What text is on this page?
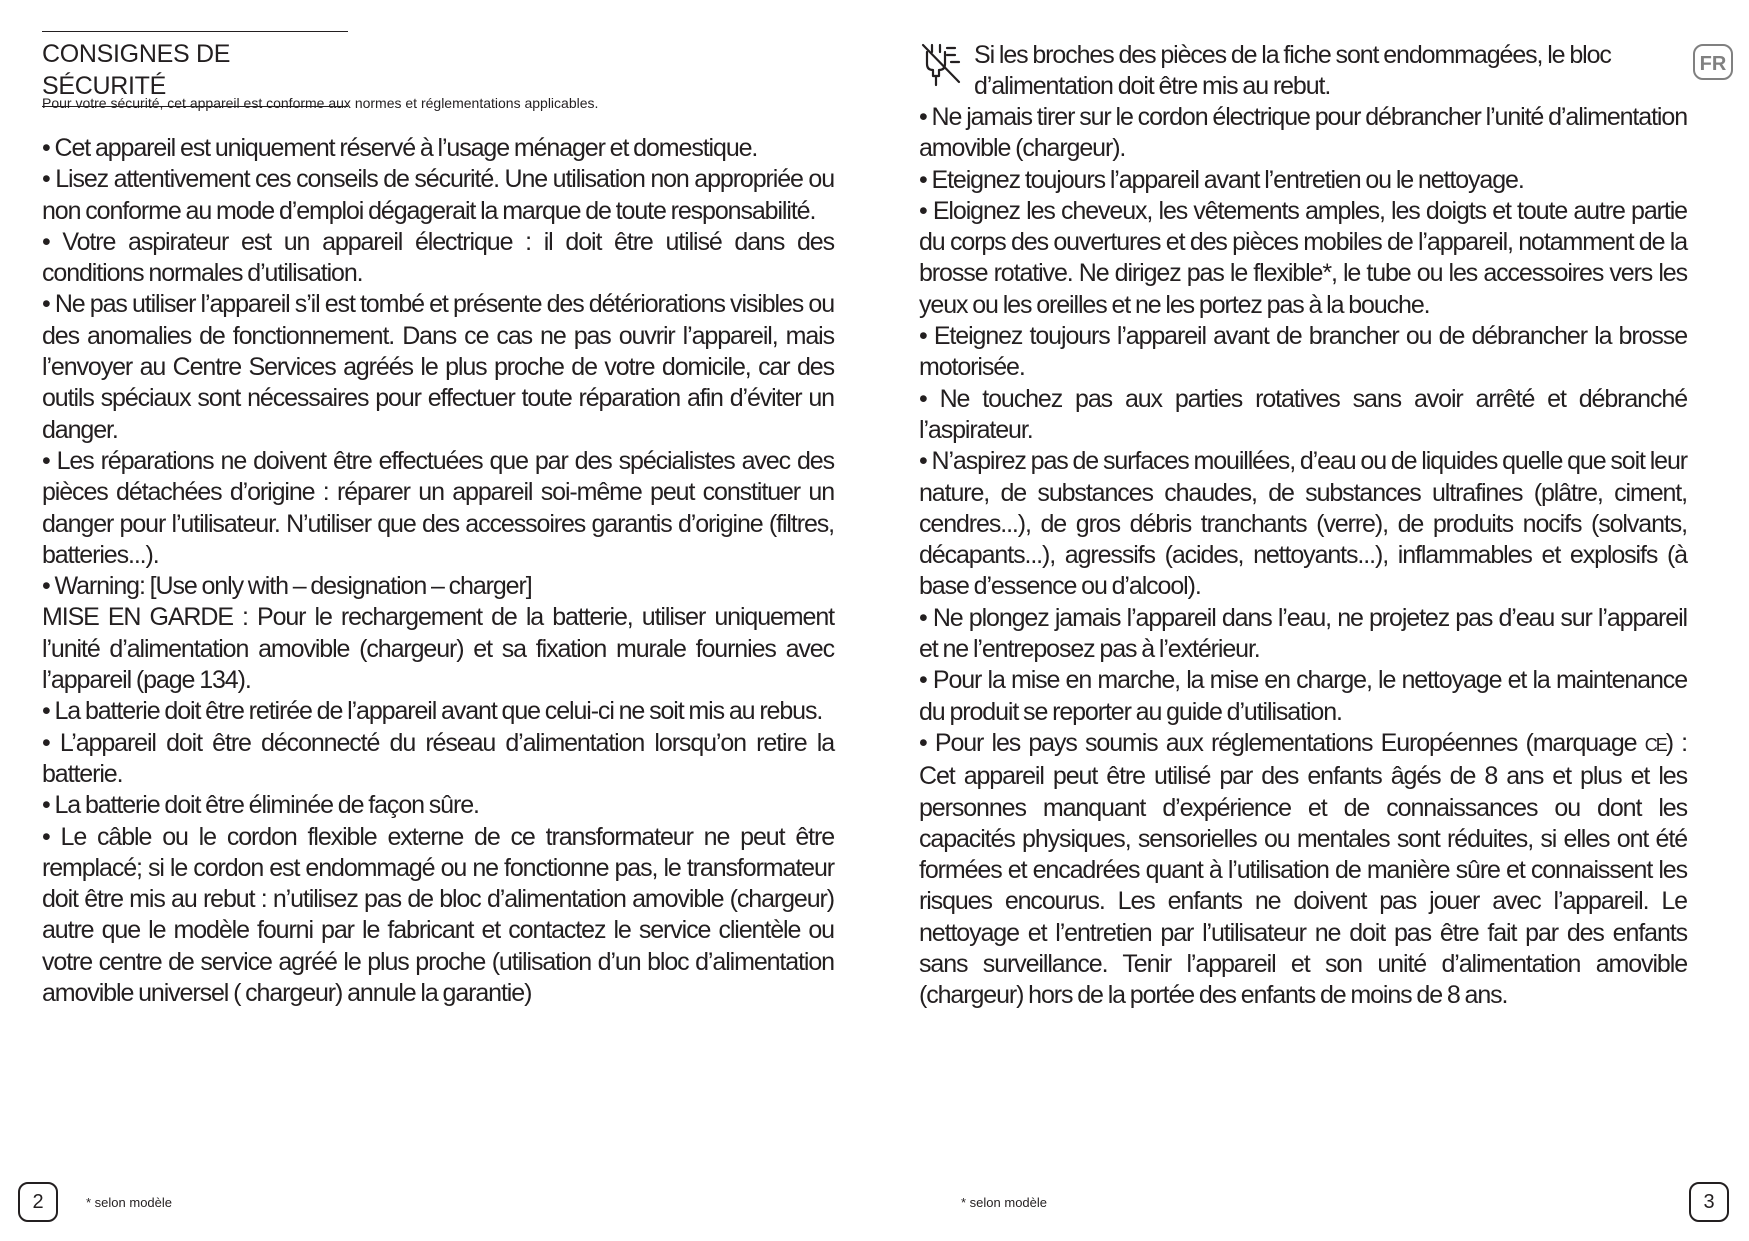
CONSIGNES DE SÉCURITÉ
Pour votre sécurité, cet appareil est conforme aux normes et réglementations applicables.

• Cet appareil est uniquement réservé à l’usage ménager et domestique.

• Lisez attentivement ces conseils de sécurité. Une utilisation non appropriée ou non conforme au mode d’emploi dégagerait la marque de toute responsabilité.

• Votre aspirateur est un appareil électrique : il doit être utilisé dans des conditions normales d’utilisation.

• Ne pas utiliser l’appareil s’il est tombé et présente des détériorations visibles ou des anomalies de fonctionnement. Dans ce cas ne pas ouvrir l’appareil, mais l’envoyer au Centre Services agréés le plus proche de votre domicile, car des outils spéciaux sont nécessaires pour effectuer toute réparation afin d’éviter un danger.

• Les réparations ne doivent être effectuées que par des spécialistes avec des pièces détachées d’origine : réparer un appareil soi-même peut constituer un danger pour l’utilisateur. N’utiliser que des accessoires garantis d’origine (filtres, batteries...).

• Warning: [Use only with – designation – charger]

MISE EN GARDE : Pour le rechargement de la batterie, utiliser uniquement l’unité d’alimentation amovible (chargeur) et sa fixation murale fournies avec l’appareil (page 134).

• La batterie doit être retirée de l’appareil avant que celui-ci ne soit mis au rebus.

• L’appareil doit être déconnecté du réseau d’alimentation lorsqu’on retire la batterie.

• La batterie doit être éliminée de façon sûre.

• Le câble ou le cordon flexible externe de ce transformateur ne peut être remplacé; si le cordon est endommagé ou ne fonctionne pas, le transformateur doit être mis au rebut : n’utilisez pas de bloc d’alimentation amovible (chargeur) autre que le modèle fourni par le fabricant et contactez le service clientèle ou votre centre de service agréé le plus proche (utilisation d’un bloc d’alimentation amovible universel ( chargeur) annule la garantie)

2	* selon modèle
Si les broches des pièces de la fiche sont endommagées, le bloc d’alimentation doit être mis au rebut.
FR

• Ne jamais tirer sur le cordon électrique pour débrancher l’unité d’alimentation amovible (chargeur).

• Eteignez toujours l’appareil avant l’entretien ou le nettoyage.

• Eloignez les cheveux, les vêtements amples, les doigts et toute autre partie du corps des ouvertures et des pièces mobiles de l’appareil, notamment de la brosse rotative. Ne dirigez pas le flexible*, le tube ou les accessoires vers les yeux ou les oreilles et ne les portez pas à la bouche.

• Eteignez toujours l’appareil avant de brancher ou de débrancher la brosse motorisée.

• Ne touchez pas aux parties rotatives sans avoir arrêté et débranché l’aspirateur.

• N’aspirez pas de surfaces mouillées, d’eau ou de liquides quelle que soit leur nature, de substances chaudes, de substances ultrafines (plâtre, ciment, cendres...), de gros débris tranchants (verre), de produits nocifs (solvants, décapants...), agressifs (acides, nettoyants...), inflammables et explosifs (à base d’essence ou d’alcool).

• Ne plongez jamais l’appareil dans l’eau, ne projetez pas d’eau sur l’appareil et ne l’entreposez pas à l’extérieur.

• Pour la mise en marche, la mise en charge, le nettoyage et la maintenance du produit se reporter au guide d’utilisation.

• Pour les pays soumis aux réglementations Européennes (marquage CE) : Cet appareil peut être utilisé par des enfants âgés de 8 ans et plus et les personnes manquant d’expérience et de connaissances ou dont les capacités physiques, sensorielles ou mentales sont réduites, si elles ont été formées et encadrées quant à l’utilisation de manière sûre et connaissent les risques encourus. Les enfants ne doivent pas jouer avec l’appareil. Le nettoyage et l’entretien par l’utilisateur ne doit pas être fait par des enfants sans surveillance. Tenir l’appareil et son unité d’alimentation amovible (chargeur) hors de la portée des enfants de moins de 8 ans.

* selon modèle	3
